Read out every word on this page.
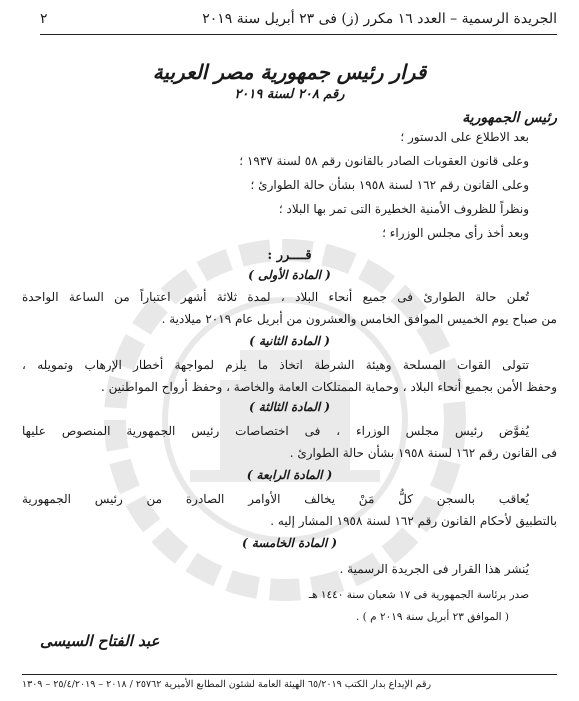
الجريدة الرسمية – العدد ١٦ مكرر (ز) فى ٢٣ أبريل سنة ٢٠١٩
٢
قرار رئيس جمهورية مصر العربية
رقم ٢٠٨ لسنة ٢٠١٩
رئيس الجمهورية
بعد الاطلاع على الدستور ؛
وعلى قانون العقوبات الصادر بالقانون رقم ٥٨ لسنة ١٩٣٧ ؛
وعلى القانون رقم ١٦٢ لسنة ١٩٥٨ بشأن حالة الطوارئ ؛
ونظراً للظروف الأمنية الخطيرة التى تمر بها البلاد ؛
وبعد أخذ رأى مجلس الوزراء ؛
قــــرر :
( المادة الأولى )
تُعلن حالة الطوارئ فى جميع أنحاء البلاد ، لمدة ثلاثة أشهر اعتباراً من الساعة الواحدة
من صباح يوم الخميس الموافق الخامس والعشرون من أبريل عام ٢٠١٩ ميلادية .
( المادة الثانية )
تتولى القوات المسلحة وهيئة الشرطة اتخاذ ما يلزم لمواجهة أخطار الإرهاب وتمويله ،
وحفظ الأمن بجميع أنحاء البلاد ، وحماية الممتلكات العامة والخاصة ، وحفظ أرواح المواطنين .
( المادة الثالثة )
يُفوَّض رئيس مجلس الوزراء ، فى اختصاصات رئيس الجمهورية المنصوص عليها
فى القانون رقم ١٦٢ لسنة ١٩٥٨ بشأن حالة الطوارئ .
( المادة الرابعة )
يُعاقب بالسجن كلُّ مَنْ يخالف الأوامر الصادرة من رئيس الجمهورية
بالتطبيق لأحكام القانون رقم ١٦٢ لسنة ١٩٥٨ المشار إليه .
( المادة الخامسة )
يُنشر هذا القرار فى الجريدة الرسمية .
صدر برئاسة الجمهورية فى ١٧ شعبان سنة ١٤٤٠ هـ
( الموافق ٢٣ أبريل سنة ٢٠١٩ م ) .
عبد الفتاح السيسى
رقم الإيداع بدار الكتب ٦٥/٢٠١٩ الهيئة العامة لشئون المطابع الأميرية ٢٥٧٦٢ / ٢٠١٨ – ٢٥/٤/٢٠١٩ – ١٣٠٩
